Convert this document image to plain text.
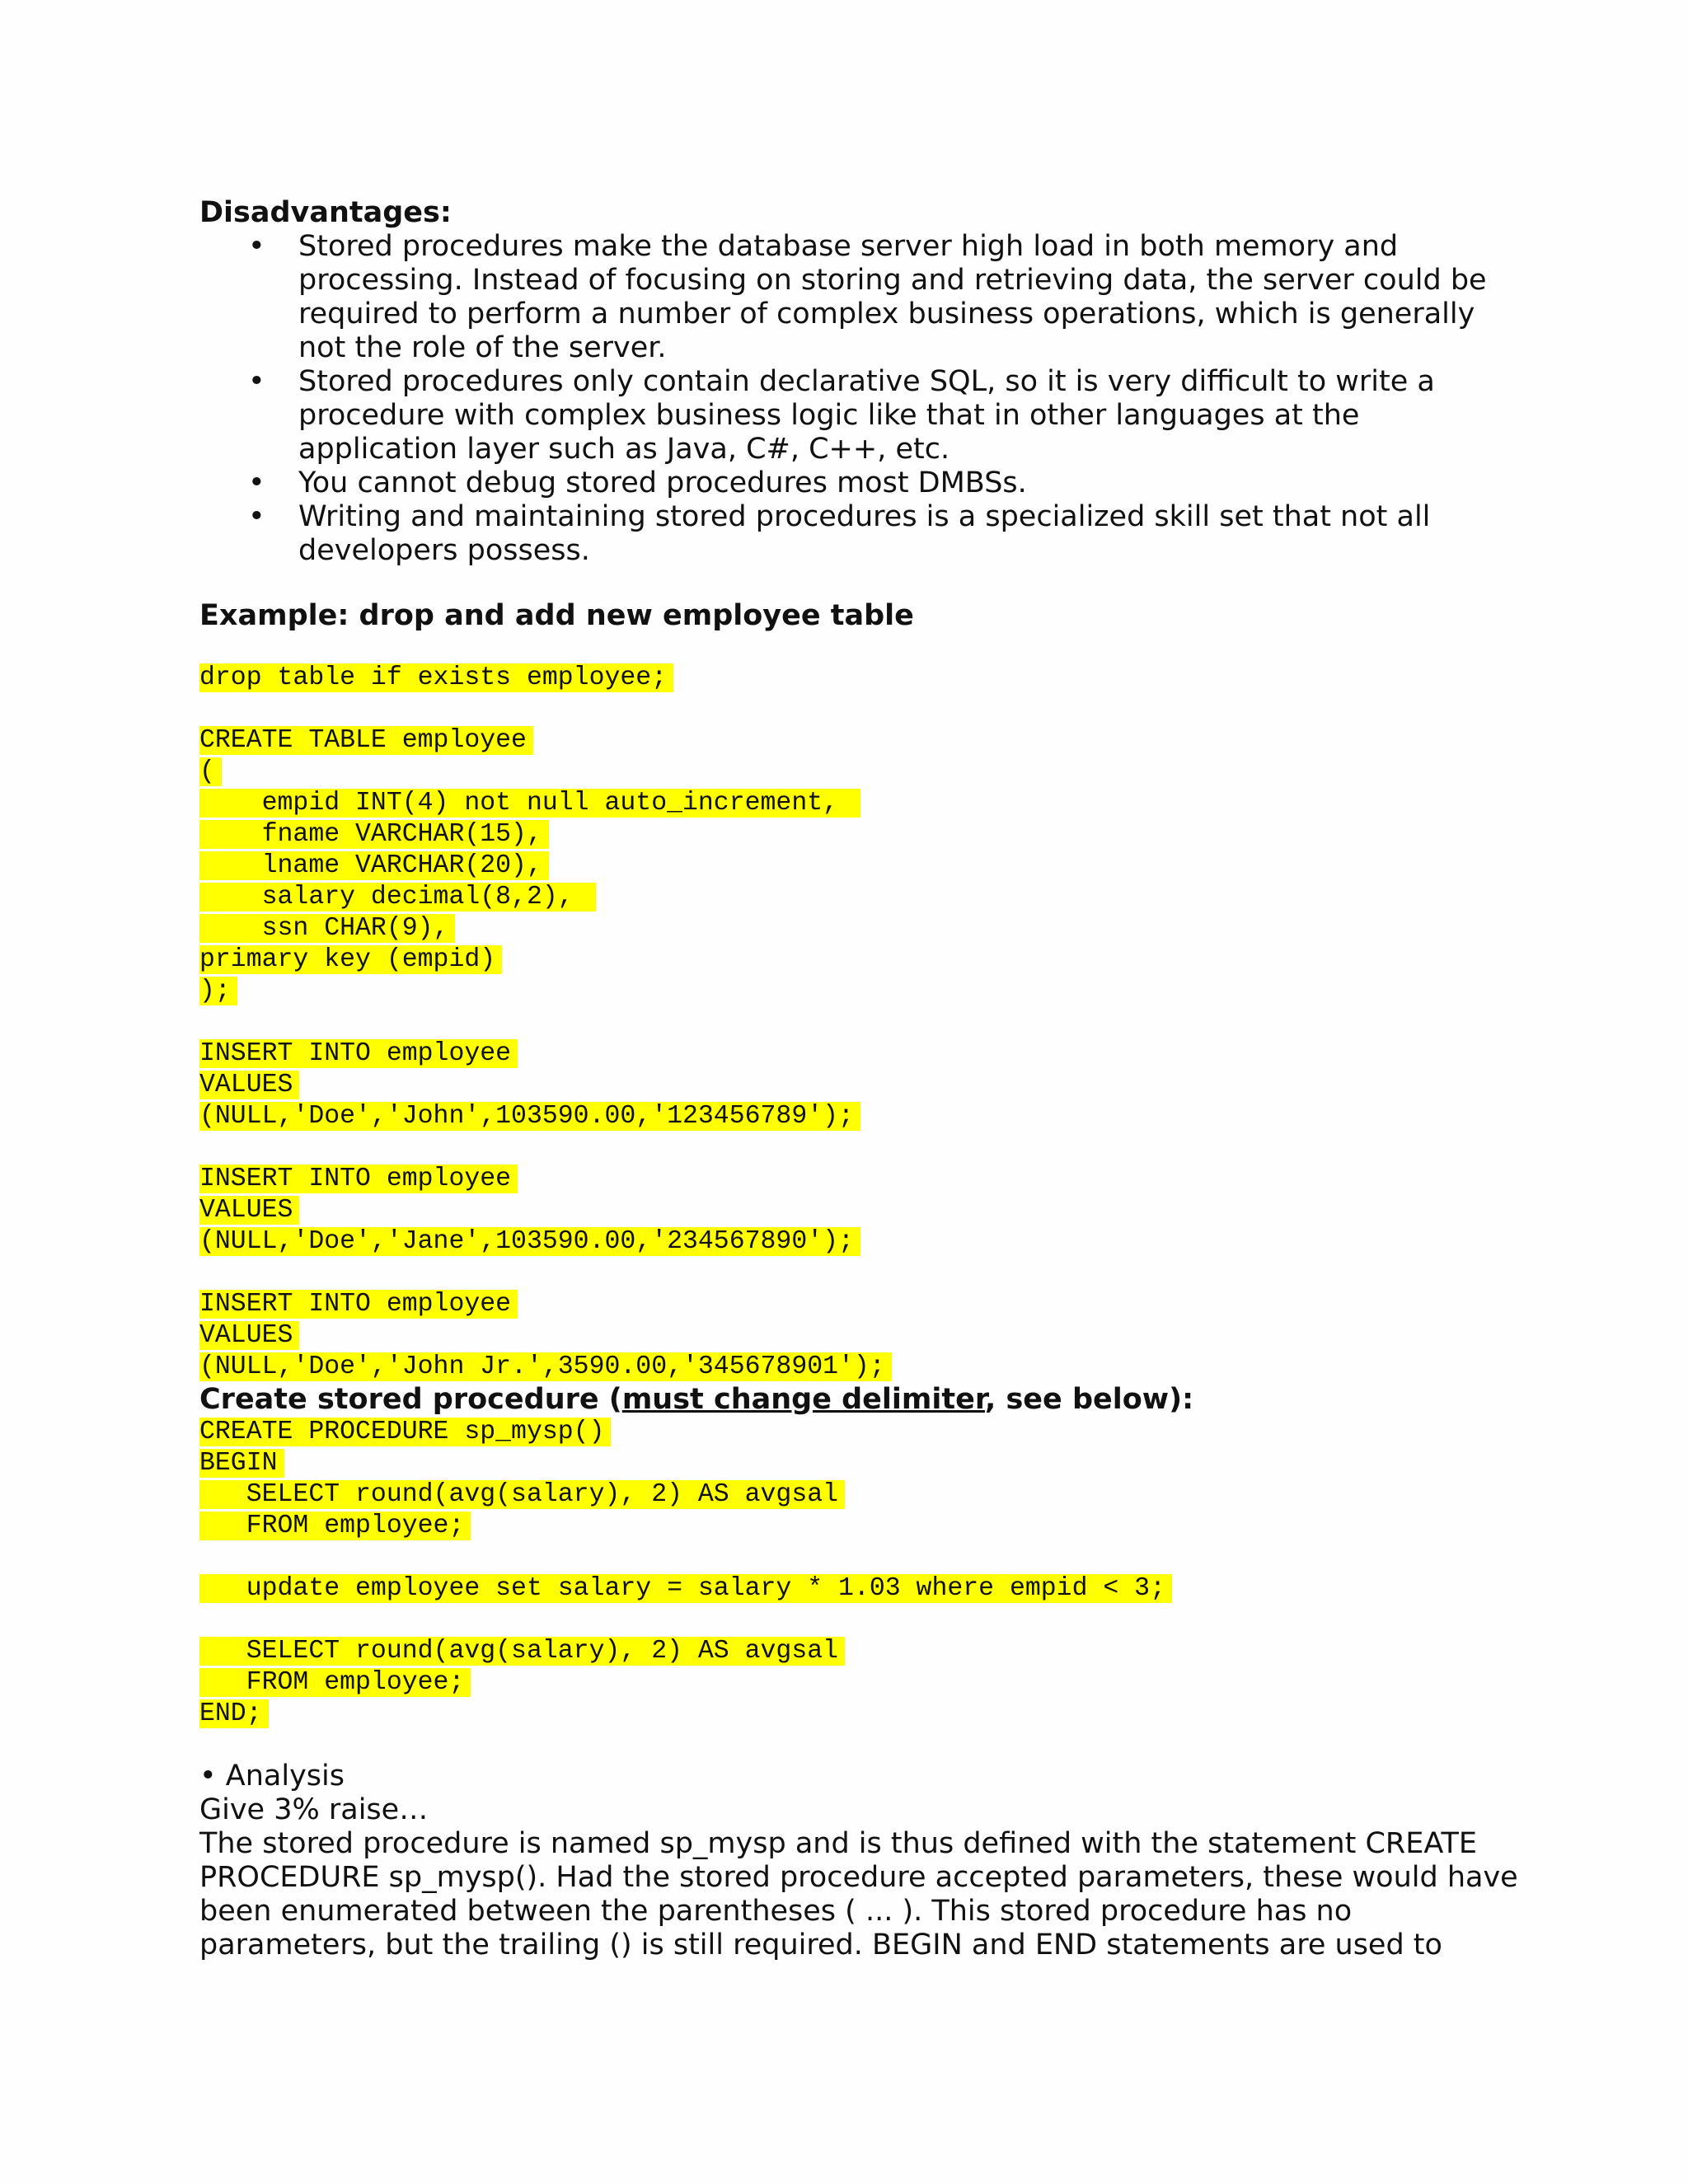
Disadvantages:
• Stored procedures make the database server high load in both memory and processing. Instead of focusing on storing and retrieving data, the server could be required to perform a number of complex business operations, which is generally not the role of the server.
• Stored procedures only contain declarative SQL, so it is very difficult to write a procedure with complex business logic like that in other languages at the application layer such as Java, C#, C++, etc.
• You cannot debug stored procedures most DMBSs.
• Writing and maintaining stored procedures is a specialized skill set that not all developers possess.
Example: drop and add new employee table
drop table if exists employee;
CREATE TABLE employee
(
empid INT(4) not null auto_increment,
fname VARCHAR(15),
lname VARCHAR(20),
salary decimal(8,2),
ssn CHAR(9),
primary key (empid)
);
INSERT INTO employee
VALUES
(NULL,'Doe','John',103590.00,'123456789');
INSERT INTO employee
VALUES
(NULL,'Doe','Jane',103590.00,'234567890');
INSERT INTO employee
VALUES
(NULL,'Doe','John Jr.',3590.00,'345678901');
Create stored procedure (must change delimiter, see below):
CREATE PROCEDURE sp_mysp()
BEGIN
SELECT round(avg(salary), 2) AS avgsal
FROM employee;
update employee set salary = salary * 1.03 where empid < 3;
SELECT round(avg(salary), 2) AS avgsal
FROM employee;
END;
• Analysis
Give 3% raise…
The stored procedure is named sp_mysp and is thus defined with the statement CREATE
PROCEDURE sp_mysp(). Had the stored procedure accepted parameters, these would have
been enumerated between the parentheses ( ... ). This stored procedure has no
parameters, but the trailing () is still required. BEGIN and END statements are used to
